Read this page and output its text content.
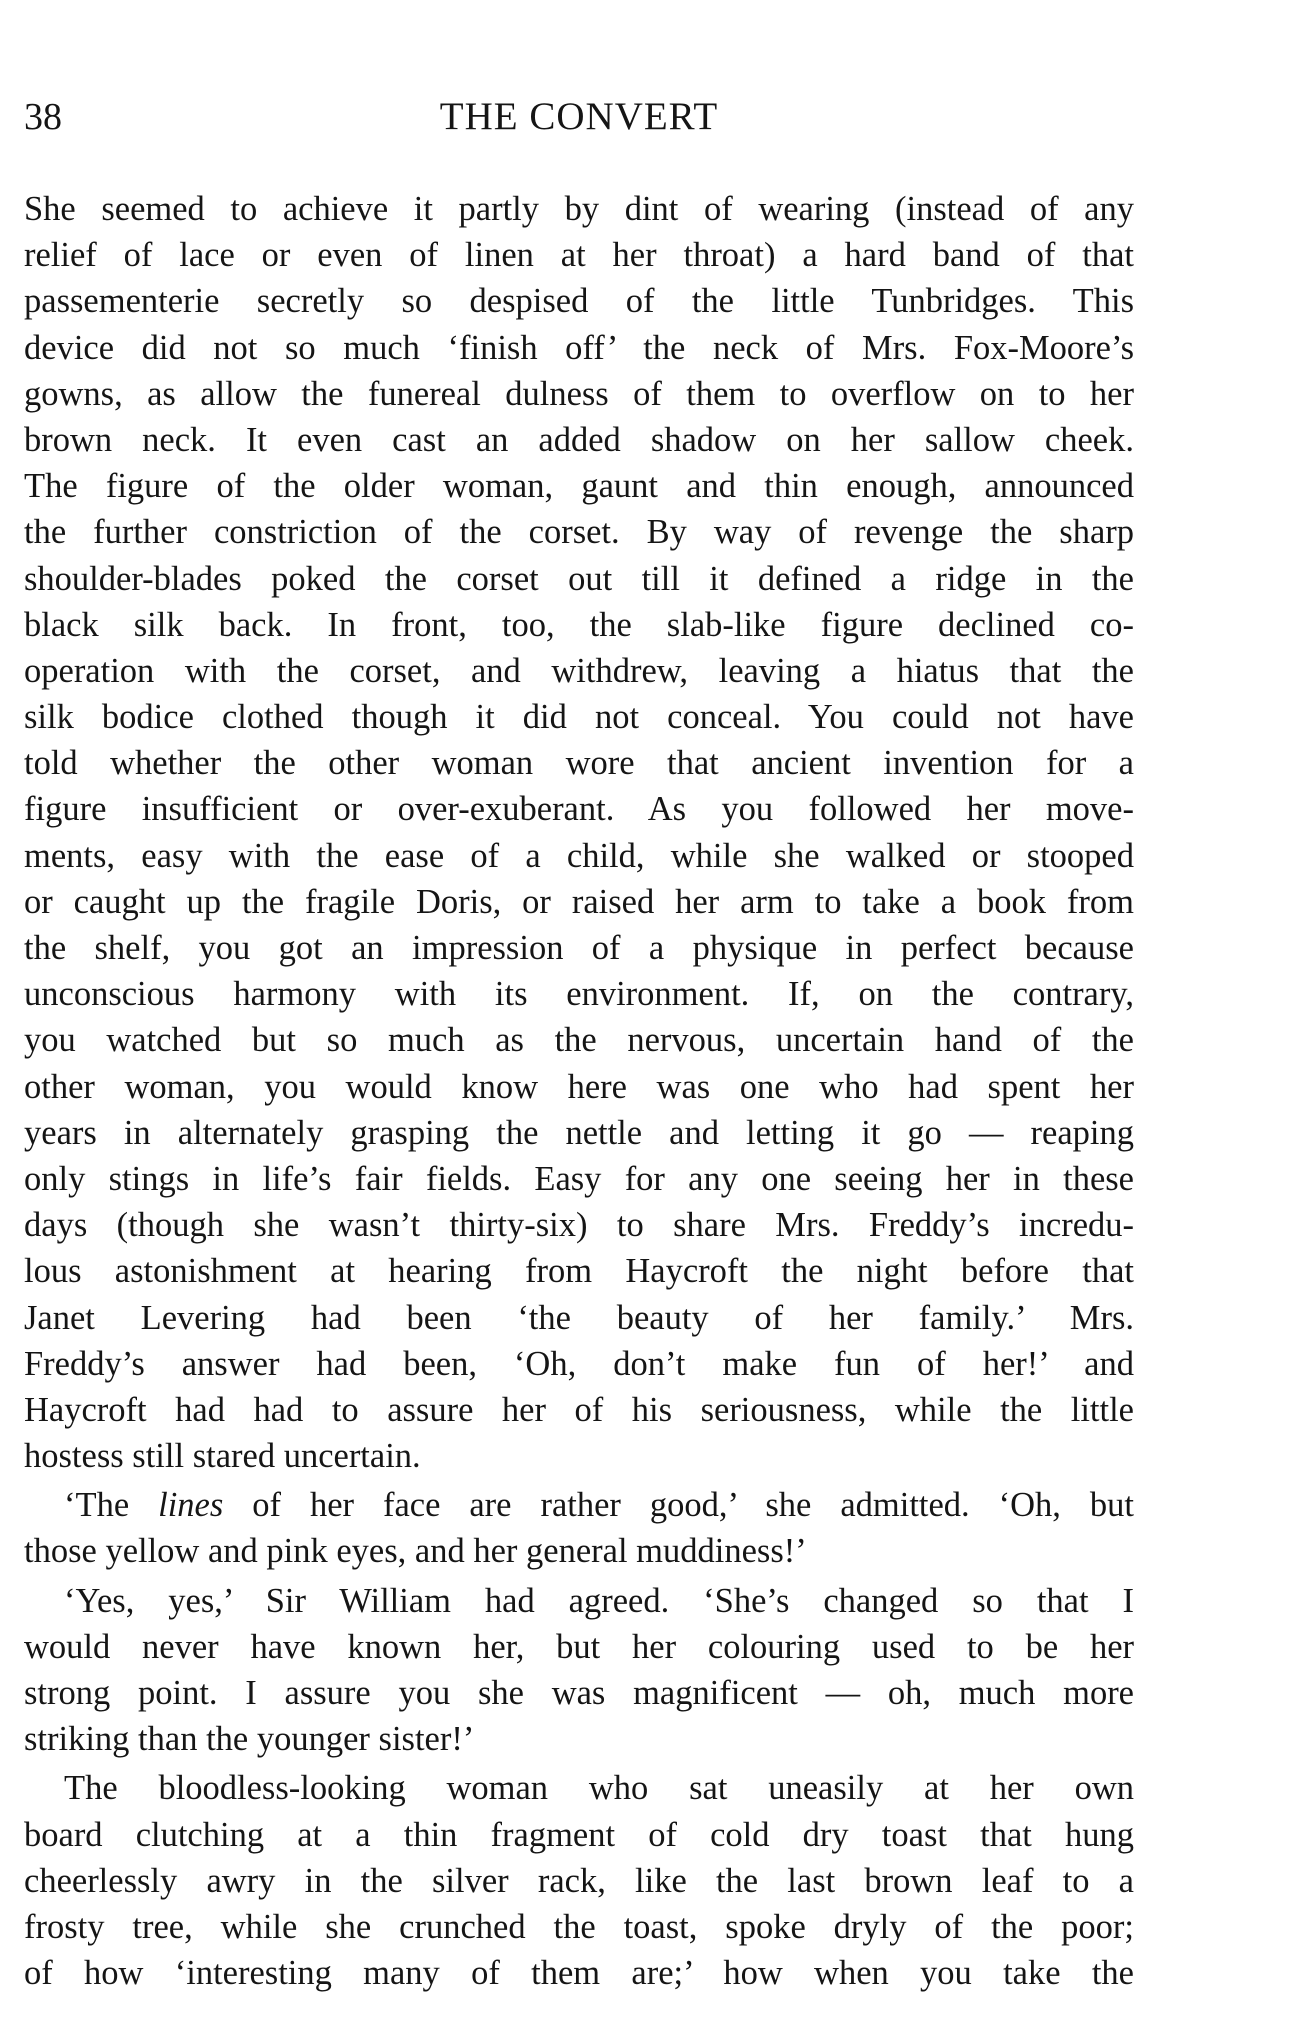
38	THE CONVERT
She seemed to achieve it partly by dint of wearing (instead of any
relief of lace or even of linen at her throat) a hard band of that
passementerie secretly so despised of the little Tunbridges. This
device did not so much ‘finish off’ the neck of Mrs. Fox-Moore’s
gowns, as allow the funereal dulness of them to overflow on to her
brown neck. It even cast an added shadow on her sallow cheek.
The figure of the older woman, gaunt and thin enough, announced
the further constriction of the corset. By way of revenge the sharp
shoulder-blades poked the corset out till it defined a ridge in the
black silk back. In front, too, the slab-like figure declined co-
operation with the corset, and withdrew, leaving a hiatus that the
silk bodice clothed though it did not conceal. You could not have
told whether the other woman wore that ancient invention for a
figure insufficient or over-exuberant. As you followed her move-
ments, easy with the ease of a child, while she walked or stooped
or caught up the fragile Doris, or raised her arm to take a book from
the shelf, you got an impression of a physique in perfect because
unconscious harmony with its environment. If, on the contrary,
you watched but so much as the nervous, uncertain hand of the
other woman, you would know here was one who had spent her
years in alternately grasping the nettle and letting it go — reaping
only stings in life’s fair fields. Easy for any one seeing her in these
days (though she wasn’t thirty-six) to share Mrs. Freddy’s incredu-
lous astonishment at hearing from Haycroft the night before that
Janet Levering had been ‘the beauty of her family.’ Mrs.
Freddy’s answer had been, ‘Oh, don’t make fun of her!’ and
Haycroft had had to assure her of his seriousness, while the little
hostess still stared uncertain.
‘The lines of her face are rather good,’ she admitted. ‘Oh, but
those yellow and pink eyes, and her general muddiness!’
‘Yes, yes,’ Sir William had agreed. ‘She’s changed so that I
would never have known her, but her colouring used to be her
strong point. I assure you she was magnificent — oh, much more
striking than the younger sister!’
The bloodless-looking woman who sat uneasily at her own
board clutching at a thin fragment of cold dry toast that hung
cheerlessly awry in the silver rack, like the last brown leaf to a
frosty tree, while she crunched the toast, spoke dryly of the poor;
of how ‘interesting many of them are;’ how when you take the
